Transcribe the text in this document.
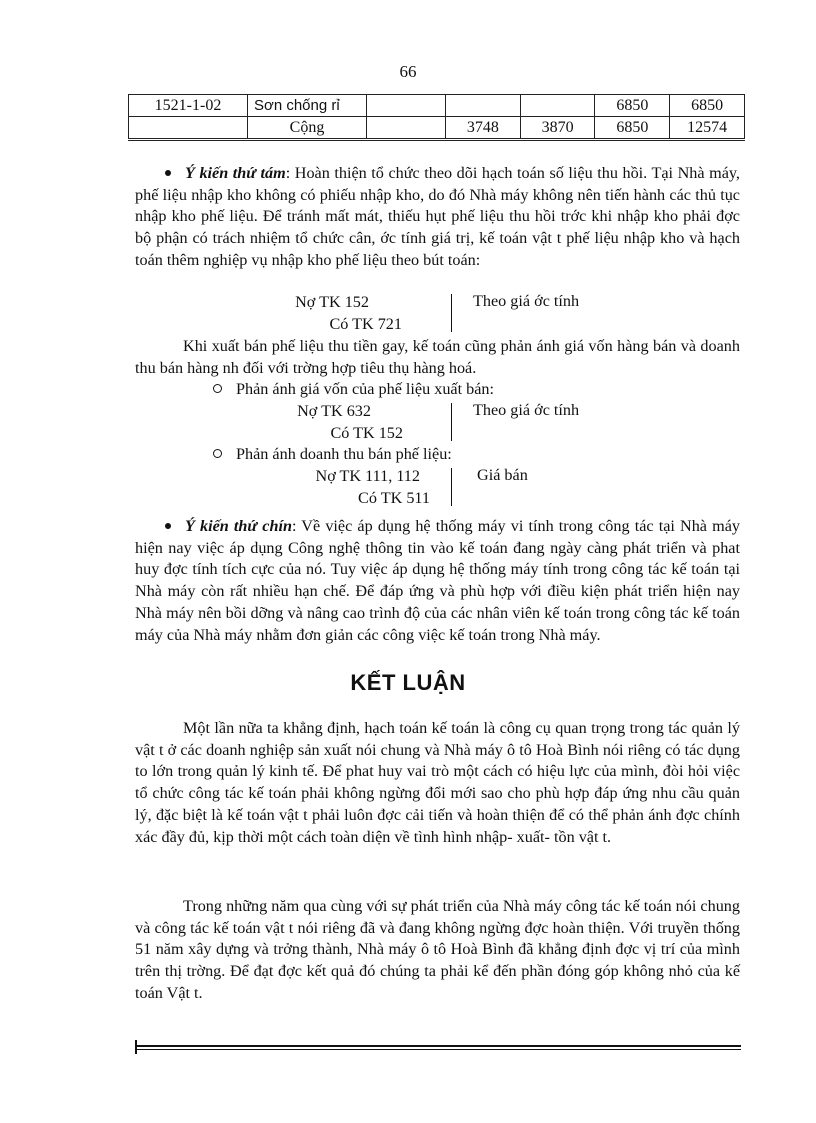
66
1521-1-02	Sơn chống rỉ				6850	6850
	Cộng		3748	3870	6850	12574
Ý kiến thứ tám: Hoàn thiện tổ chức theo dõi hạch toán số liệu thu hồi. Tại Nhà máy, phế liệu nhập kho không có phiếu nhập kho, do đó Nhà máy không nên tiến hành các thủ tục nhập kho phế liệu. Để tránh mất mát, thiếu hụt phế liệu thu hồi trớc khi nhập kho phải đợc bộ phận có trách nhiệm tổ chức cân, ớc tính giá trị, kế toán vật t phế liệu nhập kho và hạch toán thêm nghiệp vụ nhập kho phế liệu theo bút toán:
Nợ TK 152
Có TK 721
Theo giá ớc tính
Khi xuất bán phế liệu thu tiền gay, kế toán cũng phản ánh giá vốn hàng bán và doanh thu bán hàng nh đối với trờng hợp tiêu thụ hàng hoá.
Phản ánh giá vốn của phế liệu xuất bán:
Nợ TK 632
Có TK 152
Theo giá ớc tính
Phản ánh doanh thu bán phế liệu:
Nợ TK 111, 112
Có TK 511
Giá bán
Ý kiến thứ chín: Về việc áp dụng hệ thống máy vi tính trong công tác tại Nhà máy hiện nay việc áp dụng Công nghệ thông tin vào kế toán đang ngày càng phát triển và phat huy đợc tính tích cực của nó. Tuy việc áp dụng hệ thống máy tính trong công tác kế toán tại Nhà máy còn rất nhiều hạn chế. Để đáp ứng và phù hợp với điều kiện phát triển hiện nay Nhà máy nên bồi dỡng và nâng cao trình độ của các nhân viên kế toán trong công tác kế toán máy của Nhà máy nhằm đơn giản các công việc kế toán trong Nhà máy.
KẾT LUẬN
Một lần nữa ta khẳng định, hạch toán kế toán là công cụ quan trọng trong tác quản lý vật t ở các doanh nghiệp sản xuất nói chung và Nhà máy ô tô Hoà Bình nói riêng có tác dụng to lớn trong quản lý kinh tế. Để phat huy vai trò một cách có hiệu lực của mình, đòi hỏi việc tổ chức công tác kế toán phải không ngừng đổi mới sao cho phù hợp đáp ứng nhu cầu quản lý, đặc biệt là kế toán vật t phải luôn đợc cải tiến và hoàn thiện để có thể phản ánh đợc chính xác đầy đủ, kịp thời một cách toàn diện về tình hình nhập- xuất- tồn vật t.
Trong những năm qua cùng với sự phát triển của Nhà máy công tác kế toán nói chung và công tác kế toán vật t nói riêng đã và đang không ngừng đợc hoàn thiện. Với truyền thống 51 năm xây dựng và trởng thành, Nhà máy ô tô Hoà Bình đã khẳng định đợc vị trí của mình trên thị trờng. Để đạt đợc kết quả đó chúng ta phải kể đến phần đóng góp không nhỏ của kế toán Vật t.
